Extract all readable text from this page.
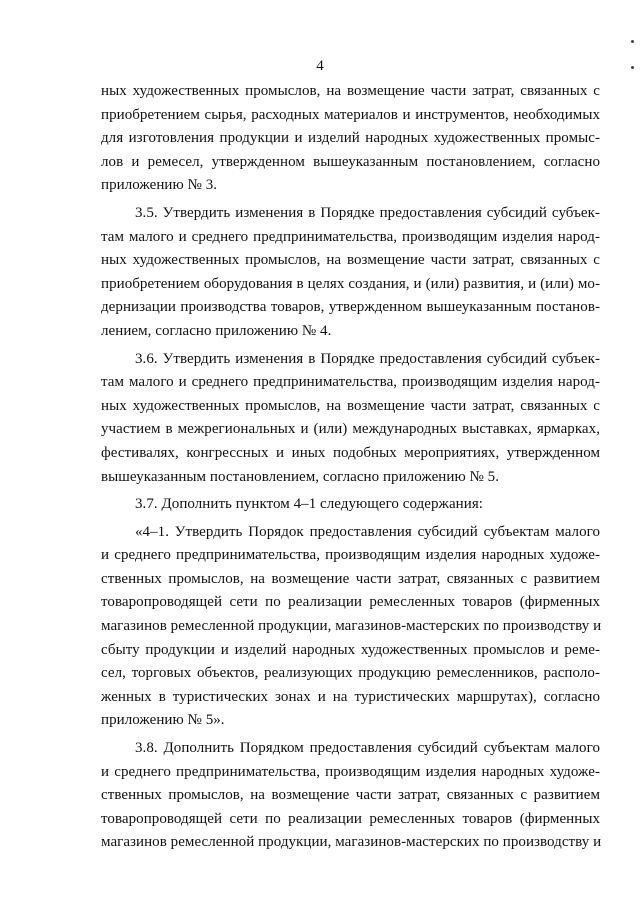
4
ных художественных промыслов, на возмещение части затрат, связанных с
приобретением сырья, расходных материалов и инструментов, необходимых
для изготовления продукции и изделий народных художественных промыс-
лов и ремесел, утвержденном вышеуказанным постановлением, согласно
приложению № 3.
3.5. Утвердить изменения в Порядке предоставления субсидий субъек-
там малого и среднего предпринимательства, производящим изделия народ-
ных художественных промыслов, на возмещение части затрат, связанных с
приобретением оборудования в целях создания, и (или) развития, и (или) мо-
дернизации производства товаров, утвержденном вышеуказанным постанов-
лением, согласно приложению № 4.
3.6. Утвердить изменения в Порядке предоставления субсидий субъек-
там малого и среднего предпринимательства, производящим изделия народ-
ных художественных промыслов, на возмещение части затрат, связанных с
участием в межрегиональных и (или) международных выставках, ярмарках,
фестивалях, конгрессных и иных подобных мероприятиях, утвержденном
вышеуказанным постановлением, согласно приложению № 5.
3.7. Дополнить пунктом 4–1 следующего содержания:
«4–1. Утвердить Порядок предоставления субсидий субъектам малого
и среднего предпринимательства, производящим изделия народных художе-
ственных промыслов, на возмещение части затрат, связанных с развитием
товаропроводящей сети по реализации ремесленных товаров (фирменных
магазинов ремесленной продукции, магазинов-мастерских по производству и
сбыту продукции и изделий народных художественных промыслов и реме-
сел, торговых объектов, реализующих продукцию ремесленников, располо-
женных в туристических зонах и на туристических маршрутах), согласно
приложению № 5».
3.8. Дополнить Порядком предоставления субсидий субъектам малого
и среднего предпринимательства, производящим изделия народных художе-
ственных промыслов, на возмещение части затрат, связанных с развитием
товаропроводящей сети по реализации ремесленных товаров (фирменных
магазинов ремесленной продукции, магазинов-мастерских по производству и
